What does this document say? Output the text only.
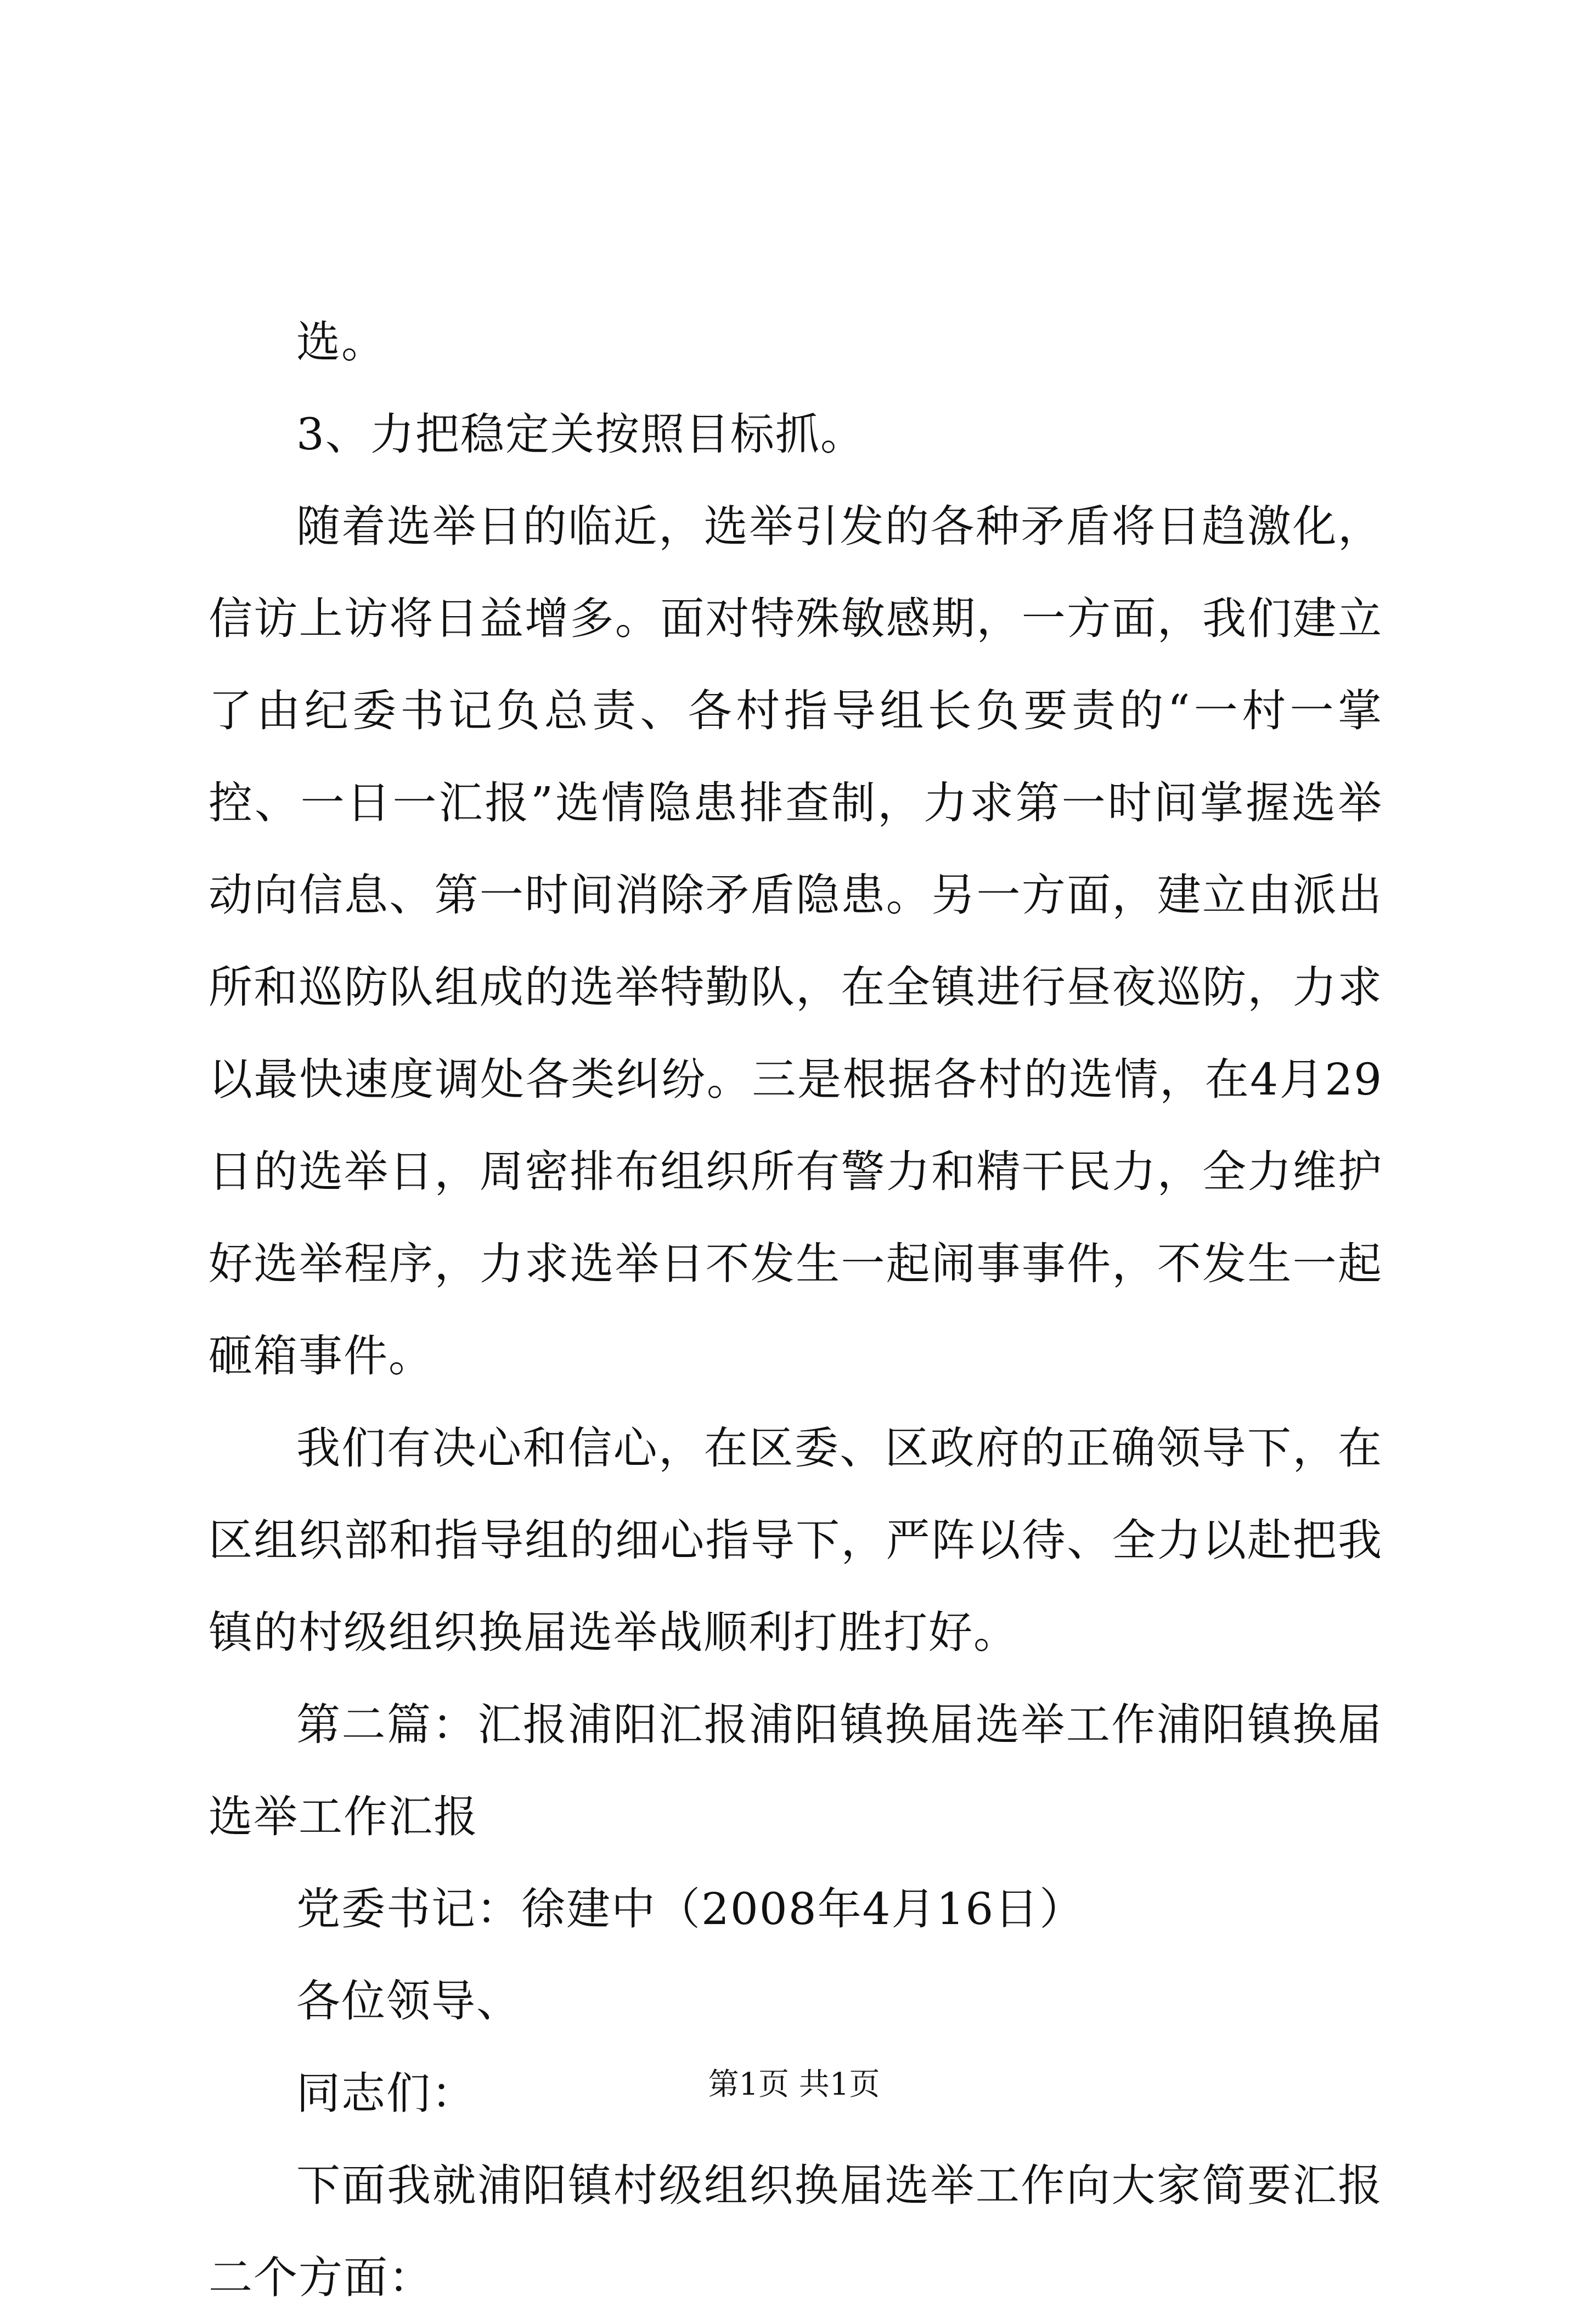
选。

3、力把稳定关按照目标抓。

随着选举日的临近，选举引发的各种矛盾将日趋激化，信访上访将日益增多。面对特殊敏感期，一方面，我们建立了由纪委书记负总责、各村指导组长负要责的“一村一掌控、一日一汇报”选情隐患排查制，力求第一时间掌握选举动向信息、第一时间消除矛盾隐患。另一方面，建立由派出所和巡防队组成的选举特勤队，在全镇进行昼夜巡防，力求以最快速度调处各类纠纷。三是根据各村的选情，在4月29日的选举日，周密排布组织所有警力和精干民力，全力维护好选举程序，力求选举日不发生一起闹事事件，不发生一起砸箱事件。

我们有决心和信心，在区委、区政府的正确领导下，在区组织部和指导组的细心指导下，严阵以待、全力以赴把我镇的村级组织换届选举战顺利打胜打好。

第二篇：汇报浦阳汇报浦阳镇换届选举工作浦阳镇换届选举工作汇报

党委书记：徐建中（2008年4月16日）

各位领导、

同志们：

下面我就浦阳镇村级组织换届选举工作向大家简要汇报二个方面：

第1页 共1页
